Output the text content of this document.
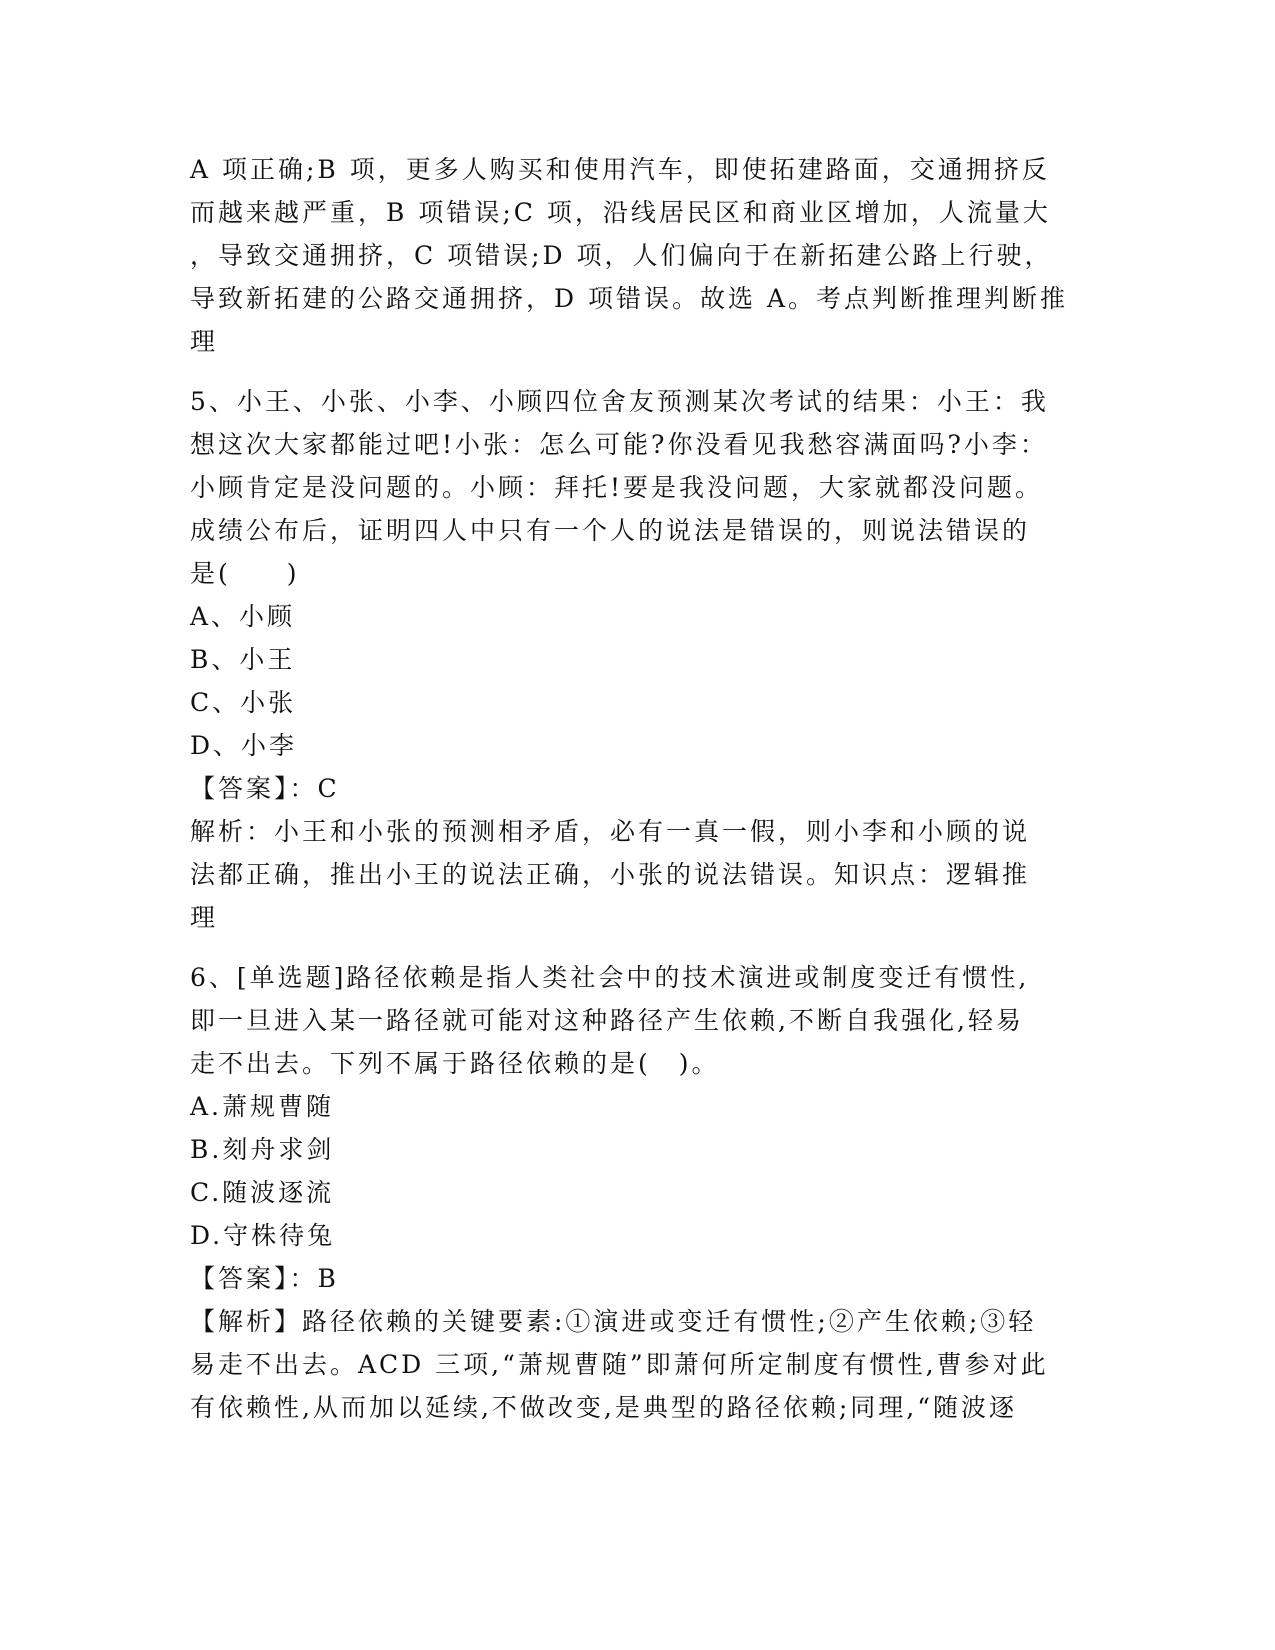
A 项正确;B 项，更多人购买和使用汽车，即使拓建路面，交通拥挤反
而越来越严重，B 项错误;C 项，沿线居民区和商业区增加，人流量大
，导致交通拥挤，C 项错误;D 项，人们偏向于在新拓建公路上行驶，
导致新拓建的公路交通拥挤，D 项错误。故选 A。考点判断推理判断推
理
5、小王、小张、小李、小顾四位舍友预测某次考试的结果：小王：我
想这次大家都能过吧!小张：怎么可能?你没看见我愁容满面吗?小李：
小顾肯定是没问题的。小顾：拜托!要是我没问题，大家就都没问题。
成绩公布后，证明四人中只有一个人的说法是错误的，则说法错误的
是(　　)
A、小顾
B、小王
C、小张
D、小李
【答案】：C
解析：小王和小张的预测相矛盾，必有一真一假，则小李和小顾的说
法都正确，推出小王的说法正确，小张的说法错误。知识点：逻辑推
理
6、[单选题]路径依赖是指人类社会中的技术演进或制度变迁有惯性,
即一旦进入某一路径就可能对这种路径产生依赖,不断自我强化,轻易
走不出去。下列不属于路径依赖的是(　)。
A.萧规曹随
B.刻舟求剑
C.随波逐流
D.守株待兔
【答案】：B
【解析】路径依赖的关键要素:①演进或变迁有惯性;②产生依赖;③轻
易走不出去。ACD 三项,“萧规曹随”即萧何所定制度有惯性,曹参对此
有依赖性,从而加以延续,不做改变,是典型的路径依赖;同理,“随波逐
